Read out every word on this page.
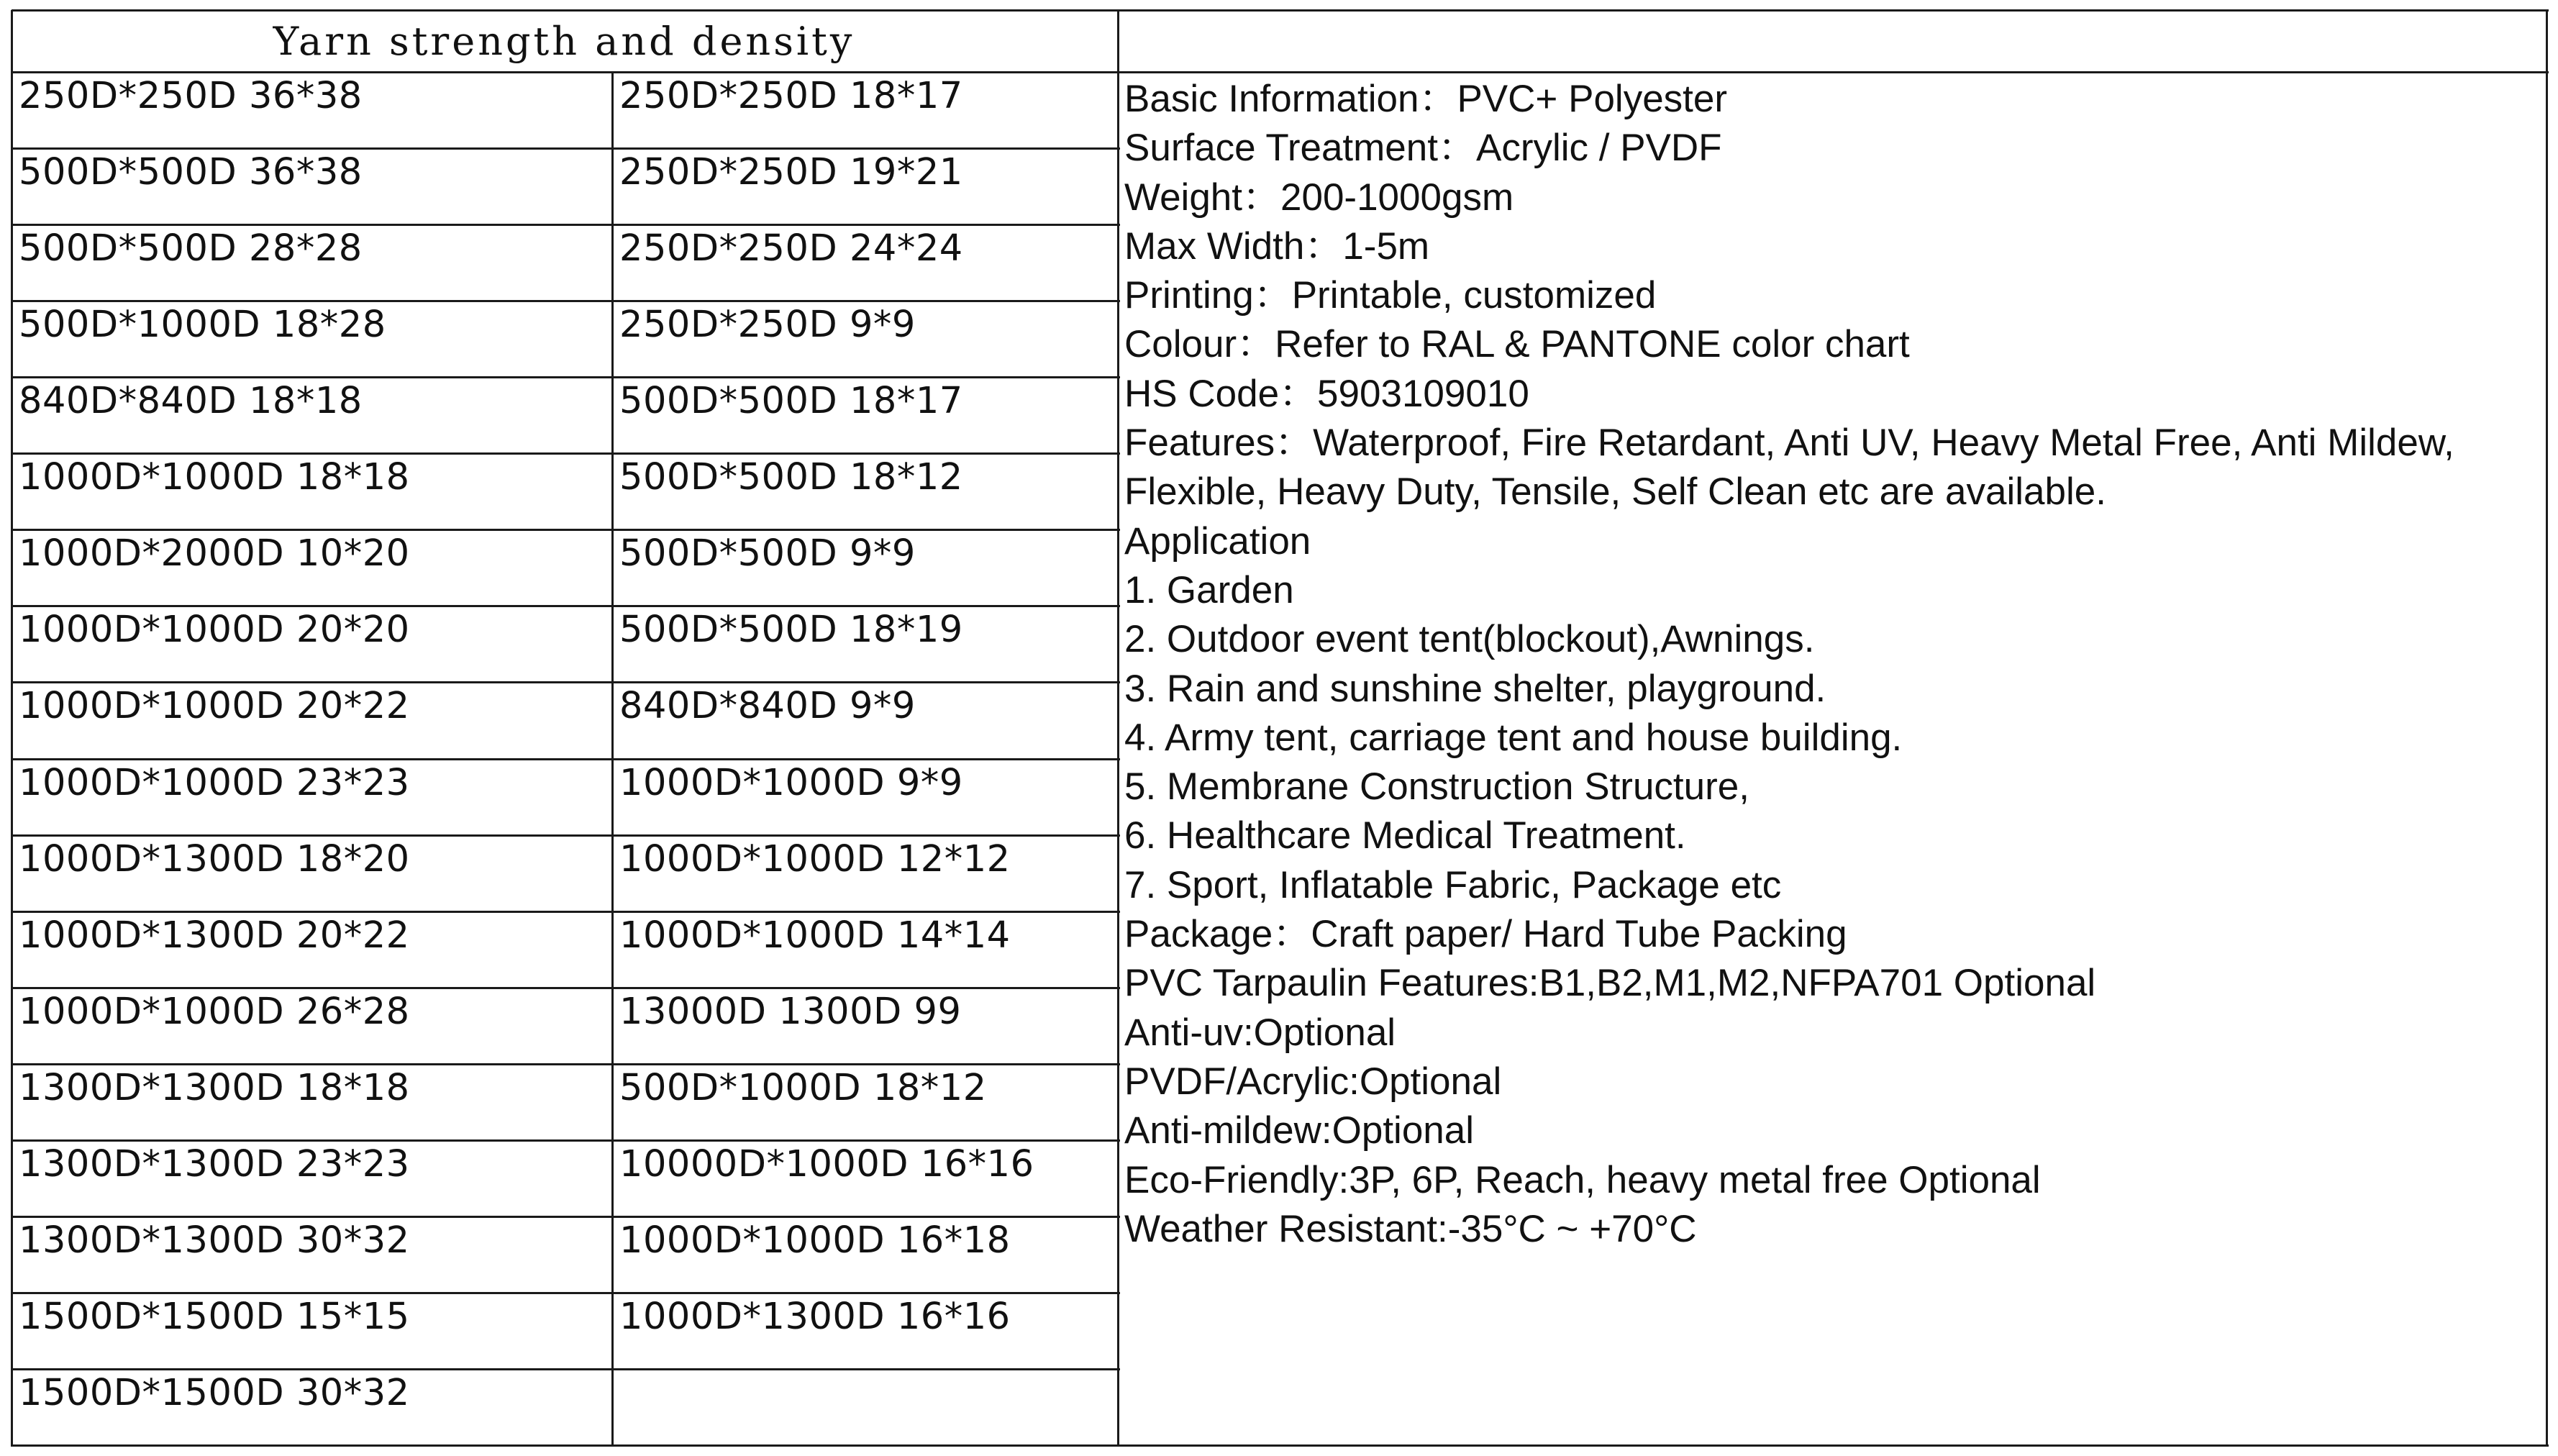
Yarn strength and density
Basic Information：PVC+ Polyester
Surface Treatment：Acrylic / PVDF
Weight：200-1000gsm
Max Width：1-5m
Printing：Printable, customized
Colour：Refer to RAL & PANTONE color chart
HS Code：5903109010
Features：Waterproof, Fire Retardant, Anti UV, Heavy Metal Free, Anti Mildew,
Flexible, Heavy Duty, Tensile, Self Clean etc are available.
Application
1. Garden
2. Outdoor event tent(blockout),Awnings.
3. Rain and sunshine shelter, playground.
4. Army tent, carriage tent and house building.
5. Membrane Construction Structure,
6. Healthcare Medical Treatment.
7. Sport, Inflatable Fabric, Package etc
Package：Craft paper/ Hard Tube Packing
PVC Tarpaulin Features:B1,B2,M1,M2,NFPA701 Optional
Anti-uv:Optional
PVDF/Acrylic:Optional
Anti-mildew:Optional
Eco-Friendly:3P, 6P, Reach, heavy metal free Optional
Weather Resistant:-35°C ~ +70°C
250D*250D 36*38
500D*500D 36*38
500D*500D 28*28
500D*1000D 18*28
840D*840D 18*18
1000D*1000D 18*18
1000D*2000D 10*20
1000D*1000D 20*20
1000D*1000D 20*22
1000D*1000D 23*23
1000D*1300D 18*20
1000D*1300D 20*22
1000D*1000D 26*28
1300D*1300D 18*18
1300D*1300D 23*23
1300D*1300D 30*32
1500D*1500D 15*15
1500D*1500D 30*32
250D*250D 18*17
250D*250D 19*21
250D*250D 24*24
250D*250D 9*9
500D*500D 18*17
500D*500D 18*12
500D*500D 9*9
500D*500D 18*19
840D*840D 9*9
1000D*1000D 9*9
1000D*1000D 12*12
1000D*1000D 14*14
13000D 1300D 99
500D*1000D 18*12
10000D*1000D 16*16
1000D*1000D 16*18
1000D*1300D 16*16
